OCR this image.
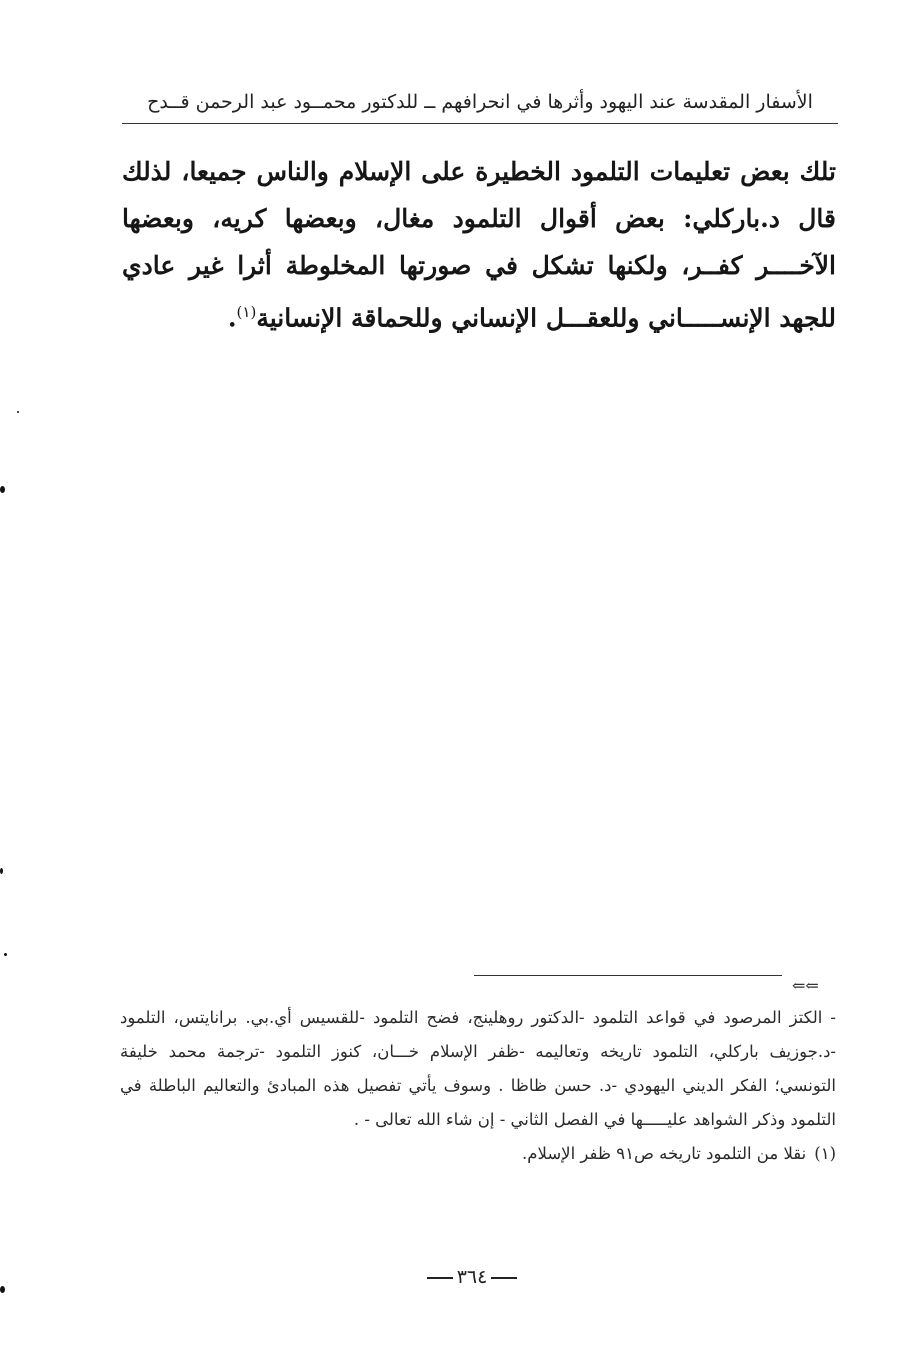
الأسفار المقدسة عند اليهود وأثرها في انحرافهم ــ للدكتور محمــود عبد الرحمن قــدح

تلك بعض تعليمات التلمود الخطيرة على الإسلام والناس جميعا، لذلك قال د.باركلي: بعض أقوال التلمود مغال، وبعضها كريه، وبعضها الآخــــر كفــر، ولكنها تشكل في صورتها المخلوطة أثرا غير عادي للجهد الإنســـــاني وللعقـــل الإنساني وللحماقة الإنسانية$^{(١)}$.

⇐⇐

- الكتز المرصود في قواعد التلمود -الدكتور روهلينج، فضح التلمود -للقسيس أي.بي. برانايتس، التلمود -د.جوزيف باركلي، التلمود تاريخه وتعاليمه -ظفر الإسلام خـــان، كنوز التلمود -ترجمة محمد خليفة التونسي؛ الفكر الديني اليهودي -د. حسن ظاظا . وسوف يأتي تفصيل هذه المبادئ والتعاليم الباطلة في التلمود وذكر الشواهد عليـــــها في الفصل الثاني - إن شاء الله تعالى - .

(١)نقلا من التلمود تاريخه ص٩١ ظفر الإسلام.

٣٦٤
